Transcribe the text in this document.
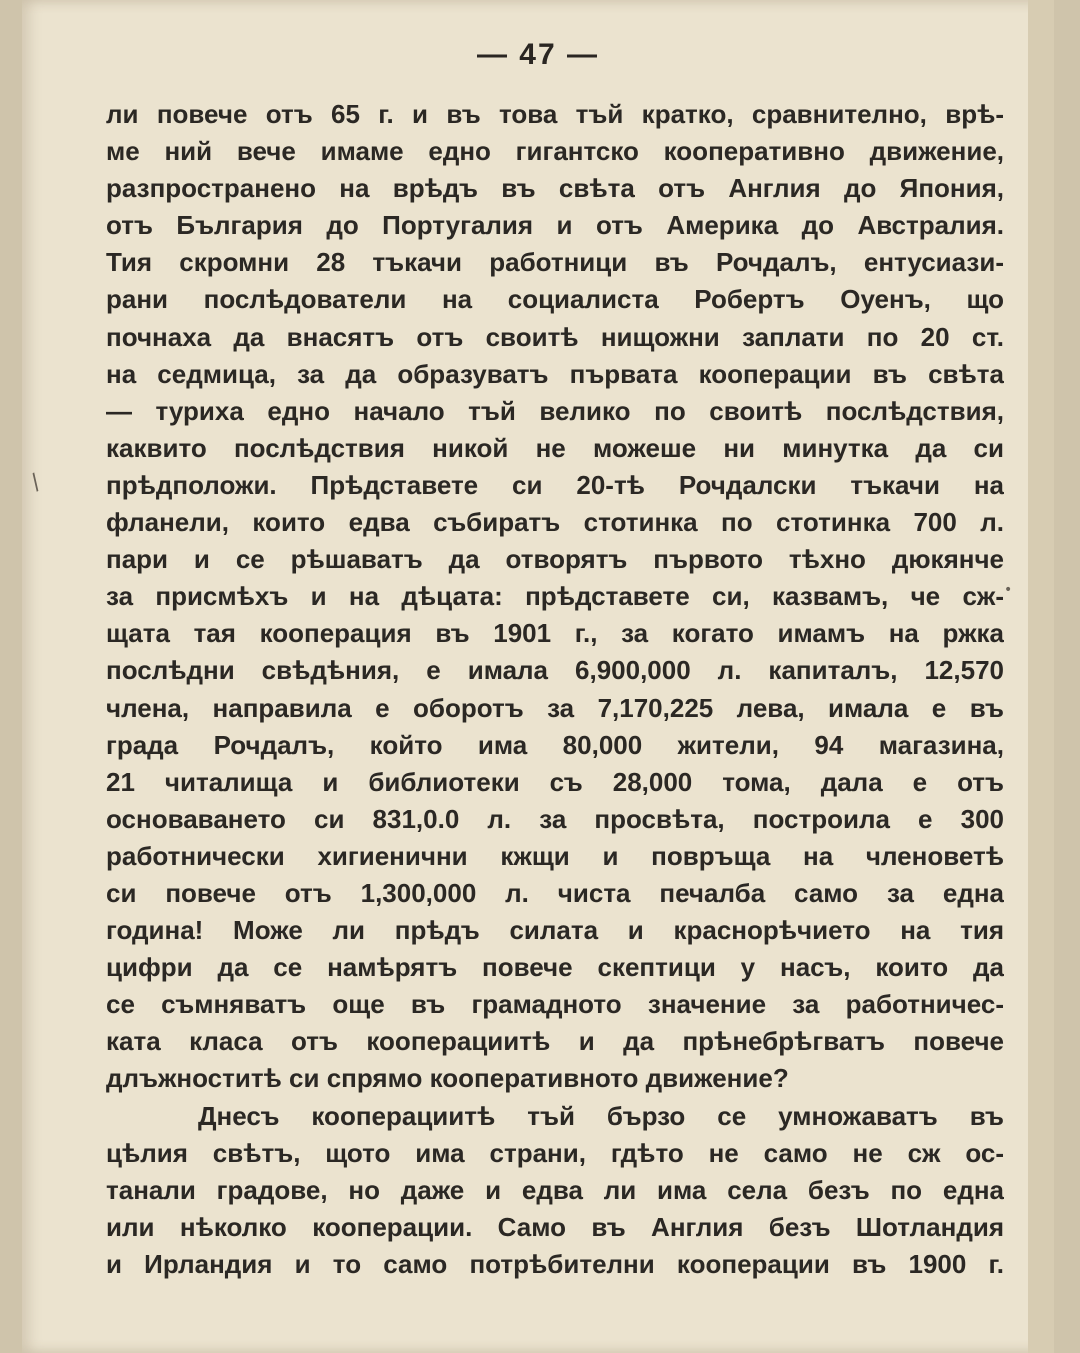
— 47 —
ли повече отъ 65 г. и въ това тъй кратко, сравнително, врѣ-
ме ний вече имаме едно гигантско кооперативно движение,
разпространено на врѣдъ въ свѣта отъ Англия до Япония,
отъ България до Португалия и отъ Америка до Австралия.
Тия скромни 28 тъкачи работници въ Рочдалъ, ентусиази-
рани послѣдователи на социалиста Робертъ Оуенъ, що
почнаха да внасятъ отъ своитѣ нищожни заплати по 20 ст.
на седмица, за да образуватъ първата кооперации въ свѣта
— туриха едно начало тъй велико по своитѣ послѣдствия,
каквито послѣдствия никой не можеше ни минутка да си
прѣдположи. Прѣдставете си 20-тѣ Рочдалски тъкачи на
фланели, които едва събиратъ стотинка по стотинка 700 л.
пари и се рѣшаватъ да отворятъ първото тѣхно дюкянче
за присмѣхъ и на дѣцата: прѣдставете си, казвамъ, че сж-
щата тая кооперация въ 1901 г., за когато имамъ на ржка
послѣдни свѣдѣния, е имала 6,900,000 л. капиталъ, 12,570
члена, направила е оборотъ за 7,170,225 лева, имала е въ
града Рочдалъ, който има 80,000 жители, 94 магазина,
21 читалища и библиотеки съ 28,000 тома, дала е отъ
основаването си 831,0.0 л. за просвѣта, построила е 300
работнически хигиенични кжщи и повръща на членоветѣ
си повече отъ 1,300,000 л. чиста печалба само за една
година! Може ли прѣдъ силата и краснорѣчието на тия
цифри да се намѣрятъ повече скептици у насъ, които да
се съмняватъ още въ грамадното значение за работничес-
ката класа отъ кооперациитѣ и да прѣнебрѣгватъ повече
длъжноститѣ си спрямо кооперативното движение?
Днесъ кооперациитѣ тъй бързо се умножаватъ въ
цѣлия свѣтъ, щото има страни, гдѣто не само не сж ос-
танали градове, но даже и едва ли има села безъ по една
или нѣколко кооперации. Само въ Англия безъ Шотландия
и Ирландия и то само потрѣбителни кооперации въ 1900 г.
/
•
